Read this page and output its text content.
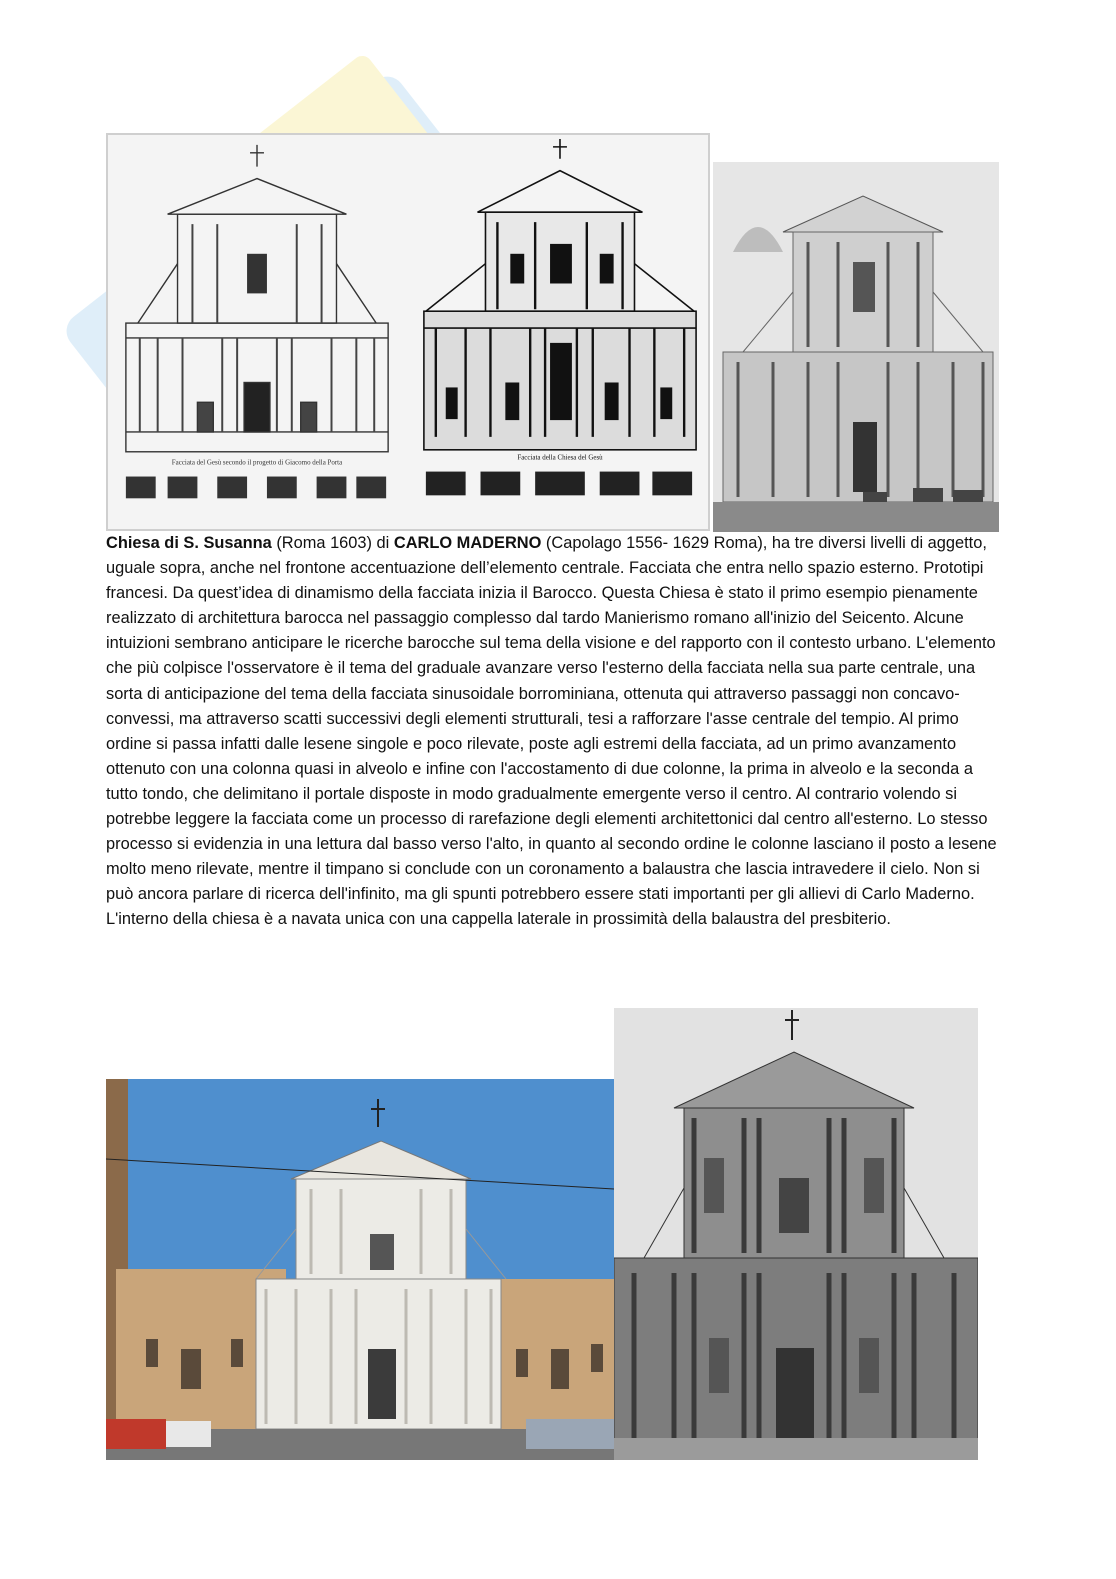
Facciata del Gesù secondo il progetto di Giacomo della Porta
Facciata della Chiesa del Gesù
Chiesa di S. Susanna (Roma 1603) di CARLO MADERNO (Capolago 1556- 1629 Roma), ha tre diversi livelli di aggetto, uguale sopra, anche nel frontone accentuazione dell’elemento centrale. Facciata che entra nello spazio esterno. Prototipi francesi. Da quest’idea di dinamismo della facciata inizia il Barocco. Questa Chiesa è stato il primo esempio pienamente realizzato di architettura barocca nel passaggio complesso dal tardo Manierismo romano all'inizio del Seicento. Alcune intuizioni sembrano anticipare le ricerche barocche sul tema della visione e del rapporto con il contesto urbano. L'elemento che più colpisce l'osservatore è il tema del graduale avanzare verso l'esterno della facciata nella sua parte centrale, una sorta di anticipazione del tema della facciata sinusoidale borrominiana, ottenuta qui attraverso passaggi non concavo-convessi, ma attraverso scatti successivi degli elementi strutturali, tesi a rafforzare l'asse centrale del tempio. Al primo ordine si passa infatti dalle lesene singole e poco rilevate, poste agli estremi della facciata, ad un primo avanzamento ottenuto con una colonna quasi in alveolo e infine con l'accostamento di due colonne, la prima in alveolo e la seconda a tutto tondo, che delimitano il portale disposte in modo gradualmente emergente verso il centro. Al contrario volendo si potrebbe leggere la facciata come un processo di rarefazione degli elementi architettonici dal centro all'esterno. Lo stesso processo si evidenzia in una lettura dal basso verso l'alto, in quanto al secondo ordine le colonne lasciano il posto a lesene molto meno rilevate, mentre il timpano si conclude con un coronamento a balaustra che lascia intravedere il cielo. Non si può ancora parlare di ricerca dell'infinito, ma gli spunti potrebbero essere stati importanti per gli allievi di Carlo Maderno. L'interno della chiesa è a navata unica con una cappella laterale in prossimità della balaustra del presbiterio.
